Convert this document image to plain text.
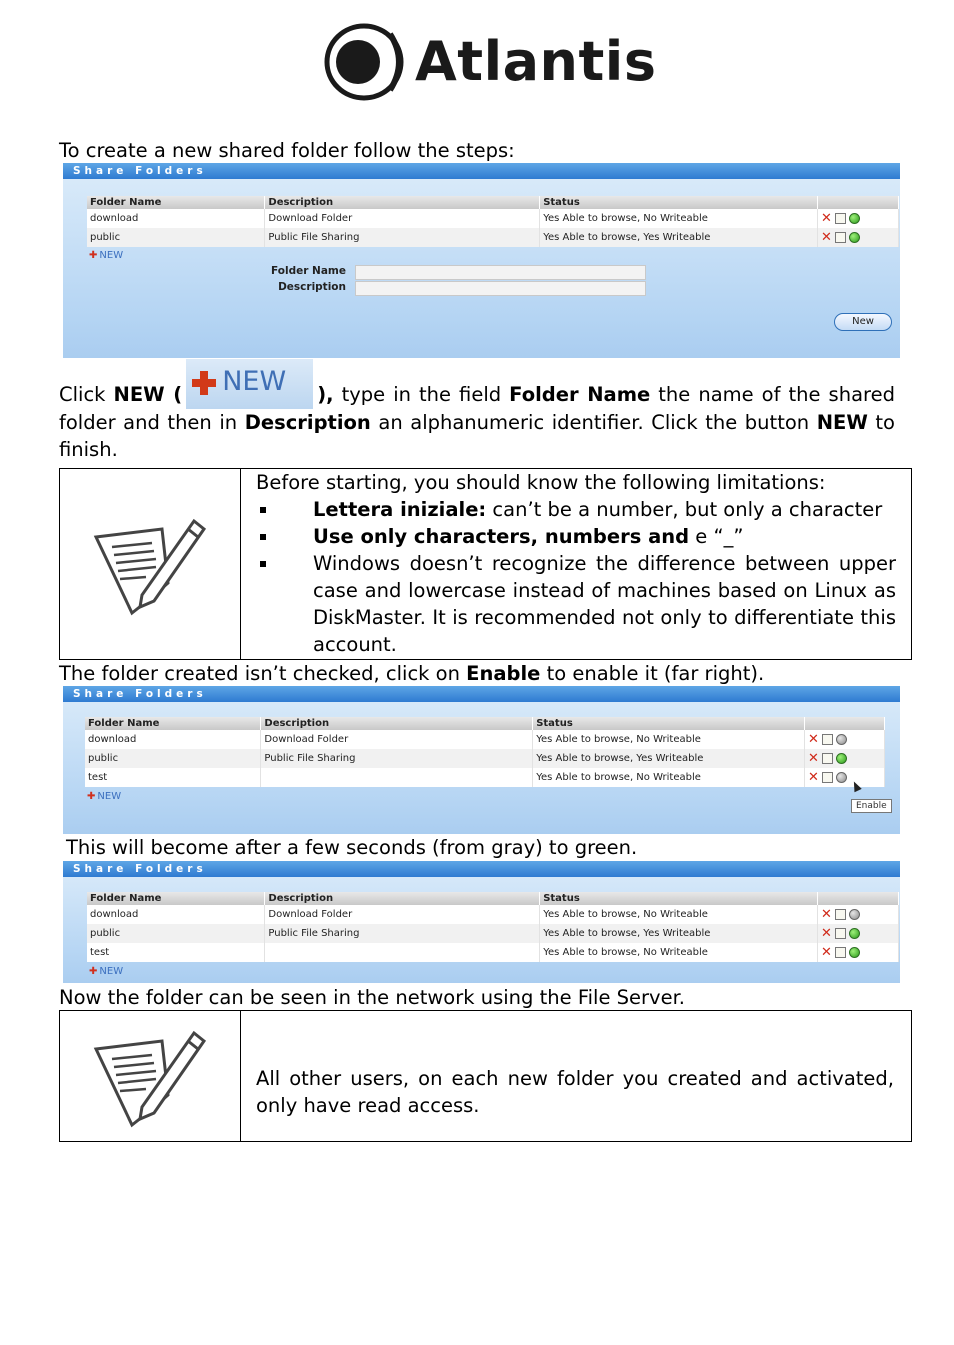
Atlantis

To create a new shared folder follow the steps:

Share Folders
Folder Name	Description	Status	
download	Download Folder	Yes Able to browse, No Writeable	✕
public	Public File Sharing	Yes Able to browse, Yes Writeable	✕
✚ NEW
Folder Name
Description
New

Click NEW ( NEW ), type in the field Folder Name the name of the shared folder and then in Description an alphanumeric identifier. Click the button NEW to finish.

Before starting, you should know the following limitations:

Lettera iniziale: can’t be a number, but only a character
Use only characters, numbers and e “_”
Windows doesn’t recognize the difference between upper case and lowercase instead of machines based on Linux as DiskMaster. It is recommended not only to differentiate this account.

The folder created isn’t checked, click on Enable to enable it (far right).

Share Folders
Folder Name	Description	Status	
download	Download Folder	Yes Able to browse, No Writeable	✕
public	Public File Sharing	Yes Able to browse, Yes Writeable	✕
test		Yes Able to browse, No Writeable	✕
✚ NEW
Enable

This will become after a few seconds (from gray) to green.

Share Folders
Folder Name	Description	Status	
download	Download Folder	Yes Able to browse, No Writeable	✕
public	Public File Sharing	Yes Able to browse, Yes Writeable	✕
test		Yes Able to browse, No Writeable	✕
✚ NEW

Now the folder can be seen in the network using the File Server.

All other users, on each new folder you created and activated, only have read access.
